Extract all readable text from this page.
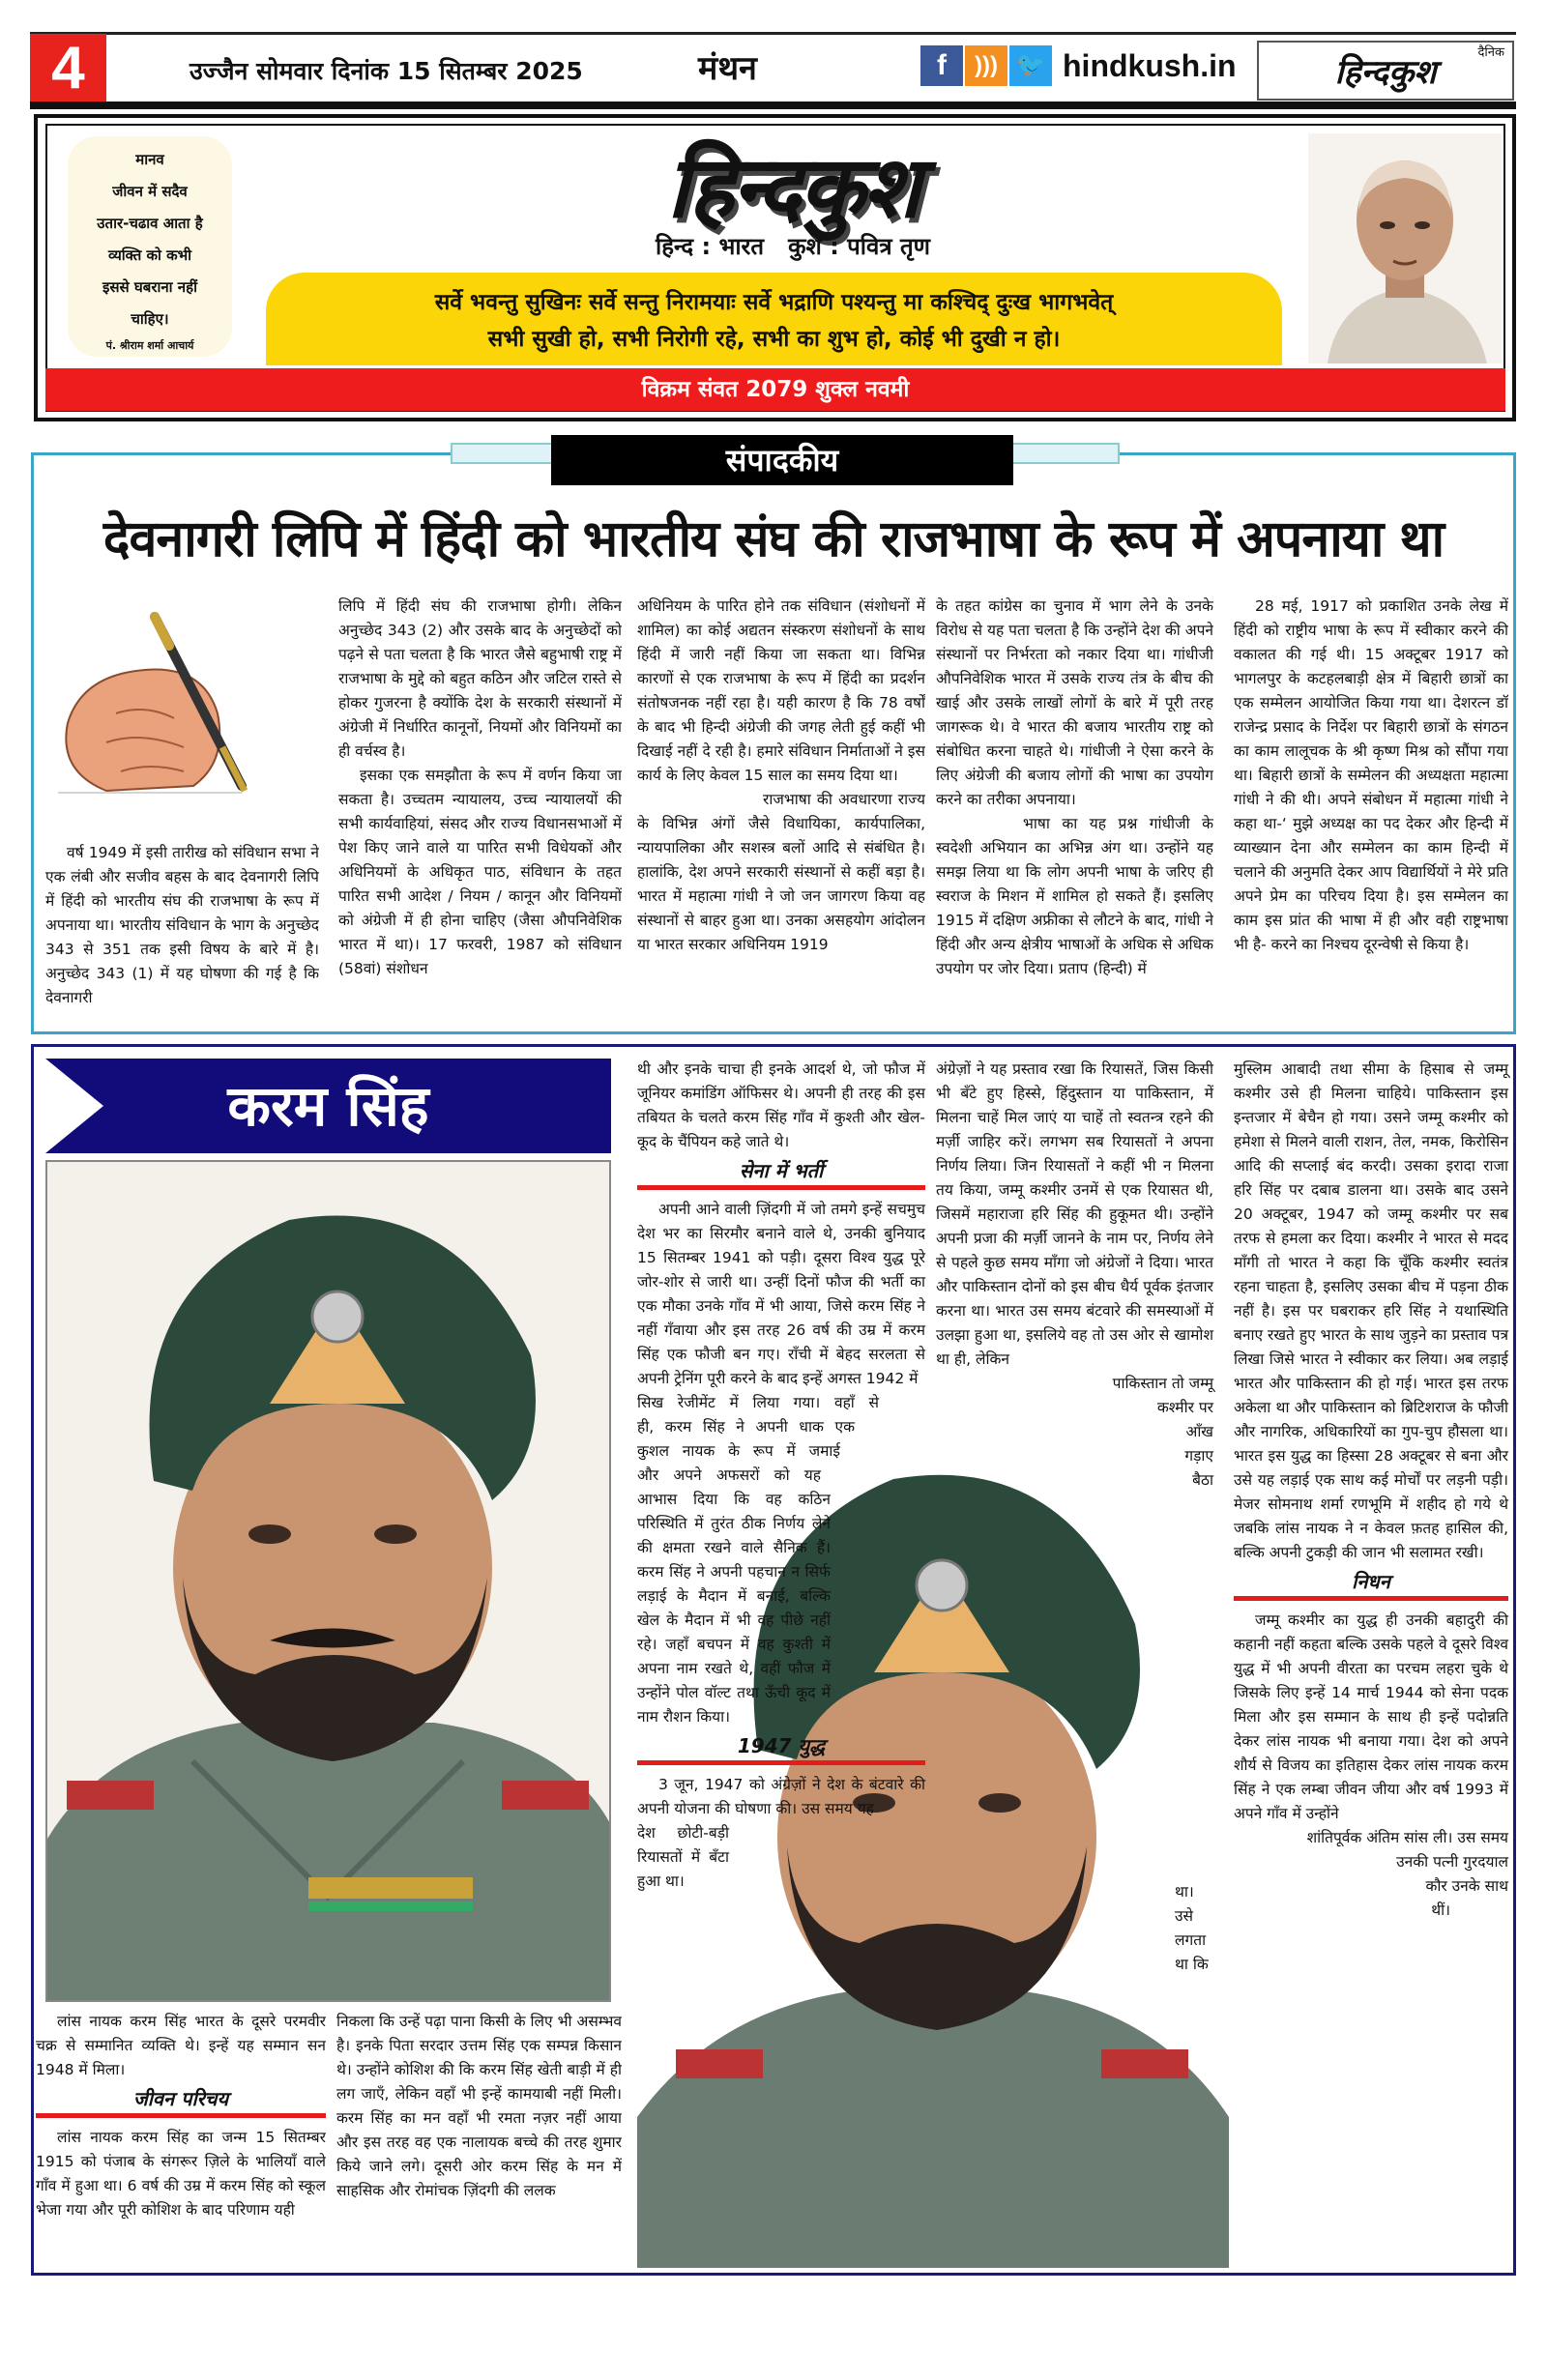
4	उज्जैन सोमवार दिनांक 15 सितम्बर 2025	मंथन	f	))) 🐦 hindkush.in	दैनिक
हिन्दकुश
मानव
जीवन में सदैव
उतार-चढाव आता है
व्यक्ति को कभी
इससे घबराना नहीं
चाहिए।
पं. श्रीराम शर्मा आचार्य
हिन्दकुश
हिन्द : भारत   कुश : पवित्र तृण
सर्वे भवन्तु सुखिनः सर्वे सन्तु निरामयाः सर्वे भद्राणि पश्यन्तु मा कश्चिद् दुःख भागभवेत्
सभी सुखी हो, सभी निरोगी रहे, सभी का शुभ हो, कोई भी दुखी न हो।
विक्रम संवत 2079 शुक्ल नवमी
संपादकीय
देवनागरी लिपि में हिंदी को भारतीय संघ की राजभाषा के रूप में अपनाया था

वर्ष 1949 में इसी तारीख को संविधान सभा ने एक लंबी और सजीव बहस के बाद देवनागरी लिपि में हिंदी को भारतीय संघ की राजभाषा के रूप में अपनाया था। भारतीय संविधान के भाग के अनुच्छेद 343 से 351 तक इसी विषय के बारे में है। अनुच्छेद 343 (1) में यह घोषणा की गई है कि देवनागरी

लिपि में हिंदी संघ की राजभाषा होगी। लेकिन अनुच्छेद 343 (2) और उसके बाद के अनुच्छेदों को पढ़ने से पता चलता है कि भारत जैसे बहुभाषी राष्ट्र में राजभाषा के मुद्दे को बहुत कठिन और जटिल रास्ते से होकर गुजरना है क्योंकि देश के सरकारी संस्थानों में अंग्रेजी में निर्धारित कानूनों, नियमों और विनियमों का ही वर्चस्व है।

इसका एक समझौता के रूप में वर्णन किया जा सकता है। उच्चतम न्यायालय, उच्च न्यायालयों की सभी कार्यवाहियां, संसद और राज्य विधानसभाओं में पेश किए जाने वाले या पारित सभी विधेयकों और अधिनियमों के अधिकृत पाठ, संविधान के तहत पारित सभी आदेश / नियम / कानून और विनियमों को अंग्रेजी में ही होना चाहिए (जैसा औपनिवेशिक भारत में था)। 17 फरवरी, 1987 को संविधान (58वां) संशोधन

अधिनियम के पारित होने तक संविधान (संशोधनों में शामिल) का कोई अद्यतन संस्करण संशोधनों के साथ हिंदी में जारी नहीं किया जा सकता था। विभिन्न कारणों से एक राजभाषा के रूप में हिंदी का प्रदर्शन संतोषजनक नहीं रहा है। यही कारण है कि 78 वर्षों के बाद भी हिन्दी अंग्रेजी की जगह लेती हुई कहीं भी दिखाई नहीं दे रही है। हमारे संविधान निर्माताओं ने इस कार्य के लिए केवल 15 साल का समय दिया था।

राजभाषा की अवधारणा राज्य के विभिन्न अंगों जैसे विधायिका, कार्यपालिका, न्यायपालिका और सशस्त्र बलों आदि से संबंधित है। हालांकि, देश अपने सरकारी संस्थानों से कहीं बड़ा है। भारत में महात्मा गांधी ने जो जन जागरण किया वह संस्थानों से बाहर हुआ था। उनका असहयोग आंदोलन या भारत सरकार अधिनियम 1919

के तहत कांग्रेस का चुनाव में भाग लेने के उनके विरोध से यह पता चलता है कि उन्होंने देश की अपने संस्थानों पर निर्भरता को नकार दिया था। गांधीजी औपनिवेशिक भारत में उसके राज्य तंत्र के बीच की खाई और उसके लाखों लोगों के बारे में पूरी तरह जागरूक थे। वे भारत की बजाय भारतीय राष्ट्र को संबोधित करना चाहते थे। गांधीजी ने ऐसा करने के लिए अंग्रेजी की बजाय लोगों की भाषा का उपयोग करने का तरीका अपनाया।

भाषा का यह प्रश्न गांधीजी के स्वदेशी अभियान का अभिन्न अंग था। उन्होंने यह समझ लिया था कि लोग अपनी भाषा के जरिए ही स्वराज के मिशन में शामिल हो सकते हैं। इसलिए 1915 में दक्षिण अफ्रीका से लौटने के बाद, गांधी ने हिंदी और अन्य क्षेत्रीय भाषाओं के अधिक से अधिक उपयोग पर जोर दिया। प्रताप (हिन्दी) में

28 मई, 1917 को प्रकाशित उनके लेख में हिंदी को राष्ट्रीय भाषा के रूप में स्वीकार करने की वकालत की गई थी। 15 अक्टूबर 1917 को भागलपुर के कटहलबाड़ी क्षेत्र में बिहारी छात्रों का एक सम्मेलन आयोजित किया गया था। देशरत्न डॉ राजेन्द्र प्रसाद के निर्देश पर बिहारी छात्रों के संगठन का काम लालूचक के श्री कृष्ण मिश्र को सौंपा गया था। बिहारी छात्रों के सम्मेलन की अध्यक्षता महात्मा गांधी ने की थी। अपने संबोधन में महात्मा गांधी ने कहा था-‘ मुझे अध्यक्ष का पद देकर और हिन्दी में व्याख्यान देना और सम्मेलन का काम हिन्दी में चलाने की अनुमति देकर आप विद्यार्थियों ने मेरे प्रति अपने प्रेम का परिचय दिया है। इस सम्मेलन का काम इस प्रांत की भाषा में ही और वही राष्ट्रभाषा भी है- करने का निश्चय दूरन्वेषी से किया है।

करम सिंह

लांस नायक करम सिंह भारत के दूसरे परमवीर चक्र से सम्मानित व्यक्ति थे। इन्हें यह सम्मान सन 1948 में मिला।

जीवन परिचय

लांस नायक करम सिंह का जन्म 15 सितम्बर 1915 को पंजाब के संगरूर ज़िले के भालियाँ वाले गाँव में हुआ था। 6 वर्ष की उम्र में करम सिंह को स्कूल भेजा गया और पूरी कोशिश के बाद परिणाम यही

निकला कि उन्हें पढ़ा पाना किसी के लिए भी असम्भव है। इनके पिता सरदार उत्तम सिंह एक सम्पन्न किसान थे। उन्होंने कोशिश की कि करम सिंह खेती बाड़ी में ही लग जाएँ, लेकिन वहाँ भी इन्हें कामयाबी नहीं मिली। करम सिंह का मन वहाँ भी रमता नज़र नहीं आया और इस तरह वह एक नालायक बच्चे की तरह शुमार किये जाने लगे। दूसरी ओर करम सिंह के मन में साहसिक और रोमांचक ज़िंदगी की ललक

थी और इनके चाचा ही इनके आदर्श थे, जो फौज में जूनियर कमांडिंग ऑफिसर थे। अपनी ही तरह की इस तबियत के चलते करम सिंह गाँव में कुश्ती और खेल-कूद के चैंपियन कहे जाते थे।

सेना में भर्ती

अपनी आने वाली ज़िंदगी में जो तमगे इन्हें सचमुच देश भर का सिरमौर बनाने वाले थे, उनकी बुनियाद 15 सितम्बर 1941 को पड़ी। दूसरा विश्व युद्ध पूरे जोर-शोर से जारी था। उन्हीं दिनों फौज की भर्ती का एक मौका उनके गाँव में भी आया, जिसे करम सिंह ने नहीं गँवाया और इस तरह 26 वर्ष की उम्र में करम सिंह एक फौजी बन गए। राँची में बेहद सरलता से अपनी ट्रेनिंग पूरी करने के बाद इन्हें अगस्त 1942 में

सिख रेजीमेंट में लिया गया। वहाँ से
ही, करम सिंह ने अपनी धाक एक
कुशल नायक के रूप में जमाई
और अपने अफसरों को यह

आभास दिया कि वह कठिन परिस्थिति में तुरंत ठीक निर्णय लेने की क्षमता रखने वाले सैनिक हैं। करम सिंह ने अपनी पहचान न सिर्फ लड़ाई के मैदान में बनाई, बल्कि खेल के मैदान में भी वह पीछे नहीं रहे। जहाँ बचपन में वह कुश्ती में अपना नाम रखते थे, वहीं फौज में उन्होंने पोल वॉल्ट तथा ऊँची कूद में नाम रौशन किया।

1947 युद्ध

3 जून, 1947 को अंग्रेज़ों ने देश के बंटवारे की अपनी योजना की घोषणा की। उस समय यह

देश छोटी-बड़ी रियासतों में बँटा हुआ था।

अंग्रेज़ों ने यह प्रस्ताव रखा कि रियासतें, जिस किसी भी बँटे हुए हिस्से, हिंदुस्तान या पाकिस्तान, में मिलना चाहें मिल जाएं या चाहें तो स्वतन्त्र रहने की मर्ज़ी जाहिर करें। लगभग सब रियासतों ने अपना निर्णय लिया। जिन रियासतों ने कहीं भी न मिलना तय किया, जम्मू कश्मीर उनमें से एक रियासत थी, जिसमें महाराजा हरि सिंह की हुकूमत थी। उन्होंने अपनी प्रजा की मर्ज़ी जानने के नाम पर, निर्णय लेने से पहले कुछ समय माँगा जो अंग्रेजों ने दिया। भारत और पाकिस्तान दोनों को इस बीच धैर्य पूर्वक इंतजार करना था। भारत उस समय बंटवारे की समस्याओं में उलझा हुआ था, इसलिये वह तो उस ओर से खामोश था ही, लेकिन

पाकिस्तान तो जम्मू
कश्मीर पर
आँख
गड़ाए
बैठा
था।
उसे
लगता
था कि

मुस्लिम आबादी तथा सीमा के हिसाब से जम्मू कश्मीर उसे ही मिलना चाहिये। पाकिस्तान इस इन्तजार में बेचैन हो गया। उसने जम्मू कश्मीर को हमेशा से मिलने वाली राशन, तेल, नमक, किरोसिन आदि की सप्लाई बंद करदी। उसका इरादा राजा हरि सिंह पर दबाब डालना था। उसके बाद उसने 20 अक्टूबर, 1947 को जम्मू कश्मीर पर सब तरफ से हमला कर दिया। कश्मीर ने भारत से मदद माँगी तो भारत ने कहा कि चूँकि कश्मीर स्वतंत्र रहना चाहता है, इसलिए उसका बीच में पड़ना ठीक नहीं है। इस पर घबराकर हरि सिंह ने यथास्थिति बनाए रखते हुए भारत के साथ जुड़ने का प्रस्ताव पत्र लिखा जिसे भारत ने स्वीकार कर लिया। अब लड़ाई भारत और पाकिस्तान की हो गई। भारत इस तरफ अकेला था और पाकिस्तान को ब्रिटिशराज के फौजी और नागरिक, अधिकारियों का गुप-चुप हौसला था। भारत इस युद्ध का हिस्सा 28 अक्टूबर से बना और उसे यह लड़ाई एक साथ कई मोर्चों पर लड़नी पड़ी। मेजर सोमनाथ शर्मा रणभूमि में शहीद हो गये थे जबकि लांस नायक ने न केवल फ़तह हासिल की, बल्कि अपनी टुकड़ी की जान भी सलामत रखी।

निधन

जम्मू कश्मीर का युद्ध ही उनकी बहादुरी की कहानी नहीं कहता बल्कि उसके पहले वे दूसरे विश्व युद्ध में भी अपनी वीरता का परचम लहरा चुके थे जिसके लिए इन्हें 14 मार्च 1944 को सेना पदक मिला और इस सम्मान के साथ ही इन्हें पदोन्नति देकर लांस नायक भी बनाया गया। देश को अपने शौर्य से विजय का इतिहास देकर लांस नायक करम सिंह ने एक लम्बा जीवन जीया और वर्ष 1993 में अपने गाँव में उन्होंने

शांतिपूर्वक अंतिम सांस ली। उस समय
उनकी पत्नी गुरदयाल
कौर उनके साथ
थीं।
